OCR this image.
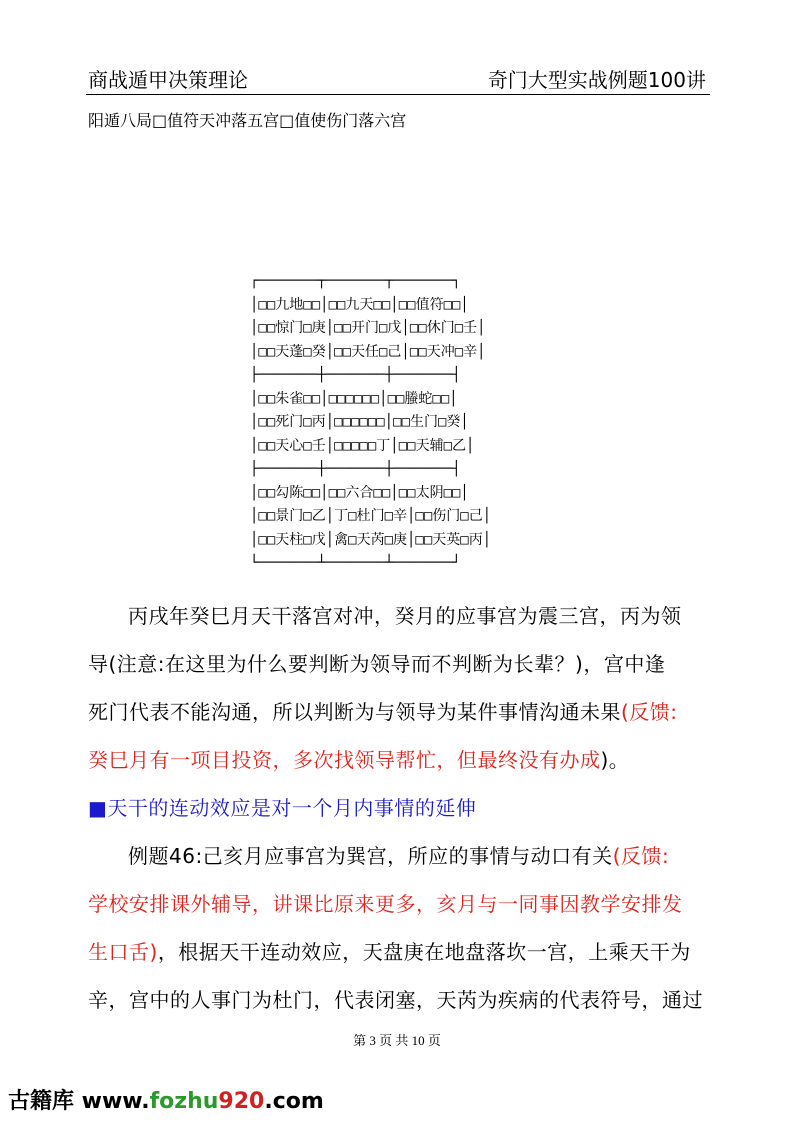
商战遁甲决策理论	奇门大型实战例题100讲
阳遁八局□值符天冲落五宫□值使伤门落六宫
┌───────┬───────┬───────┐
│□□九地□□│□□九天□□│□□值符□□│
│□□惊门□庚│□□开门□戊│□□休门□壬│
│□□天蓬□癸│□□天任□己│□□天冲□辛│
├───────┼───────┼───────┤
│□□朱雀□□│□□□□□□│□□螣蛇□□│
│□□死门□丙│□□□□□□│□□生门□癸│
│□□天心□壬│□□□□□丁│□□天辅□乙│
├───────┼───────┼───────┤
│□□勾陈□□│□□六合□□│□□太阴□□│
│□□景门□乙│丁□杜门□辛│□□伤门□己│
│□□天柱□戊│禽□天芮□庚│□□天英□丙│
└───────┴───────┴───────┘
丙戌年癸巳月天干落宫对冲，癸月的应事宫为震三宫，丙为领
导(注意:在这里为什么要判断为领导而不判断为长辈？)，宫中逢
死门代表不能沟通，所以判断为与领导为某件事情沟通未果(反馈:
癸巳月有一项目投资，多次找领导帮忙，但最终没有办成)。
■天干的连动效应是对一个月内事情的延伸
例题46:己亥月应事宫为巽宫，所应的事情与动口有关(反馈:
学校安排课外辅导，讲课比原来更多，亥月与一同事因教学安排发
生口舌)，根据天干连动效应，天盘庚在地盘落坎一宫，上乘天干为
辛，宫中的人事门为杜门，代表闭塞，天芮为疾病的代表符号，通过
第 3 页 共 10 页
古籍库 www.fozhu920.com
